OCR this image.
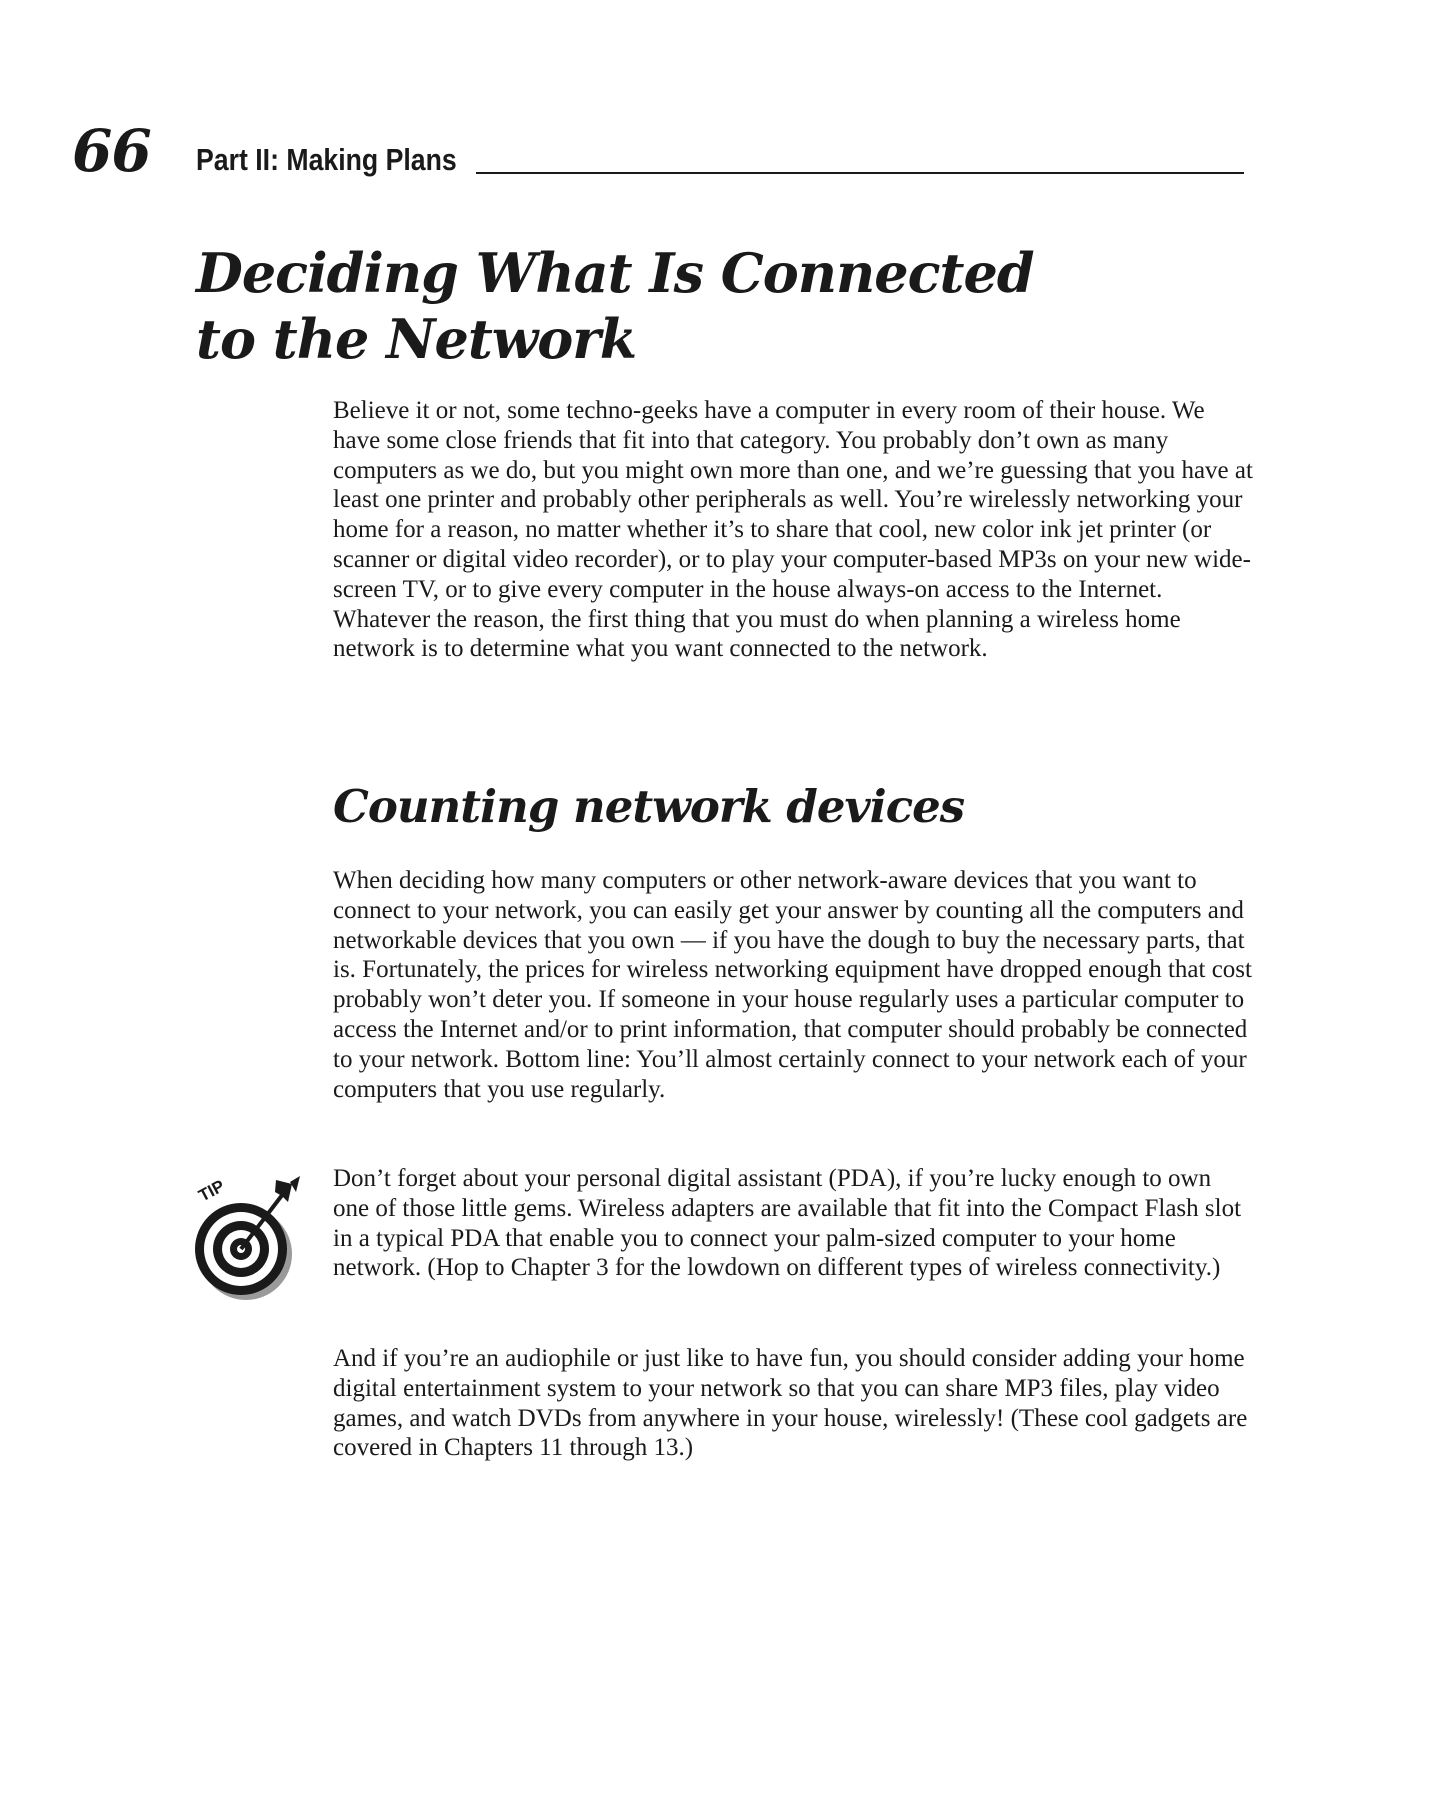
66 Part II: Making Plans
Deciding What Is Connected
to the Network

Believe it or not, some techno-geeks have a computer in every room of their house. We have some close friends that fit into that category. You probably don’t own as many computers as we do, but you might own more than one, and we’re guessing that you have at least one printer and probably other peripherals as well. You’re wirelessly networking your home for a reason, no matter whether it’s to share that cool, new color ink jet printer (or scanner or digital video recorder), or to play your computer-based MP3s on your new wide-screen TV, or to give every computer in the house always-on access to the Internet. Whatever the reason, the first thing that you must do when planning a wireless home network is to determine what you want connected to the network.

Counting network devices

When deciding how many computers or other network-aware devices that you want to connect to your network, you can easily get your answer by counting all the computers and networkable devices that you own — if you have the dough to buy the necessary parts, that is. Fortunately, the prices for wireless networking equipment have dropped enough that cost probably won’t deter you. If someone in your house regularly uses a particular computer to access the Internet and/or to print information, that computer should probably be connected to your network. Bottom line: You’ll almost certainly connect to your network each of your computers that you use regularly.

TIP	Don’t forget about your personal digital assistant (PDA), if you’re lucky enough to own one of those little gems. Wireless adapters are available that fit into the Compact Flash slot in a typical PDA that enable you to connect your palm-sized computer to your home network. (Hop to Chapter 3 for the lowdown on different types of wireless connectivity.)

And if you’re an audiophile or just like to have fun, you should consider adding your home digital entertainment system to your network so that you can share MP3 files, play video games, and watch DVDs from anywhere in your house, wirelessly! (These cool gadgets are covered in Chapters 11 through 13.)
